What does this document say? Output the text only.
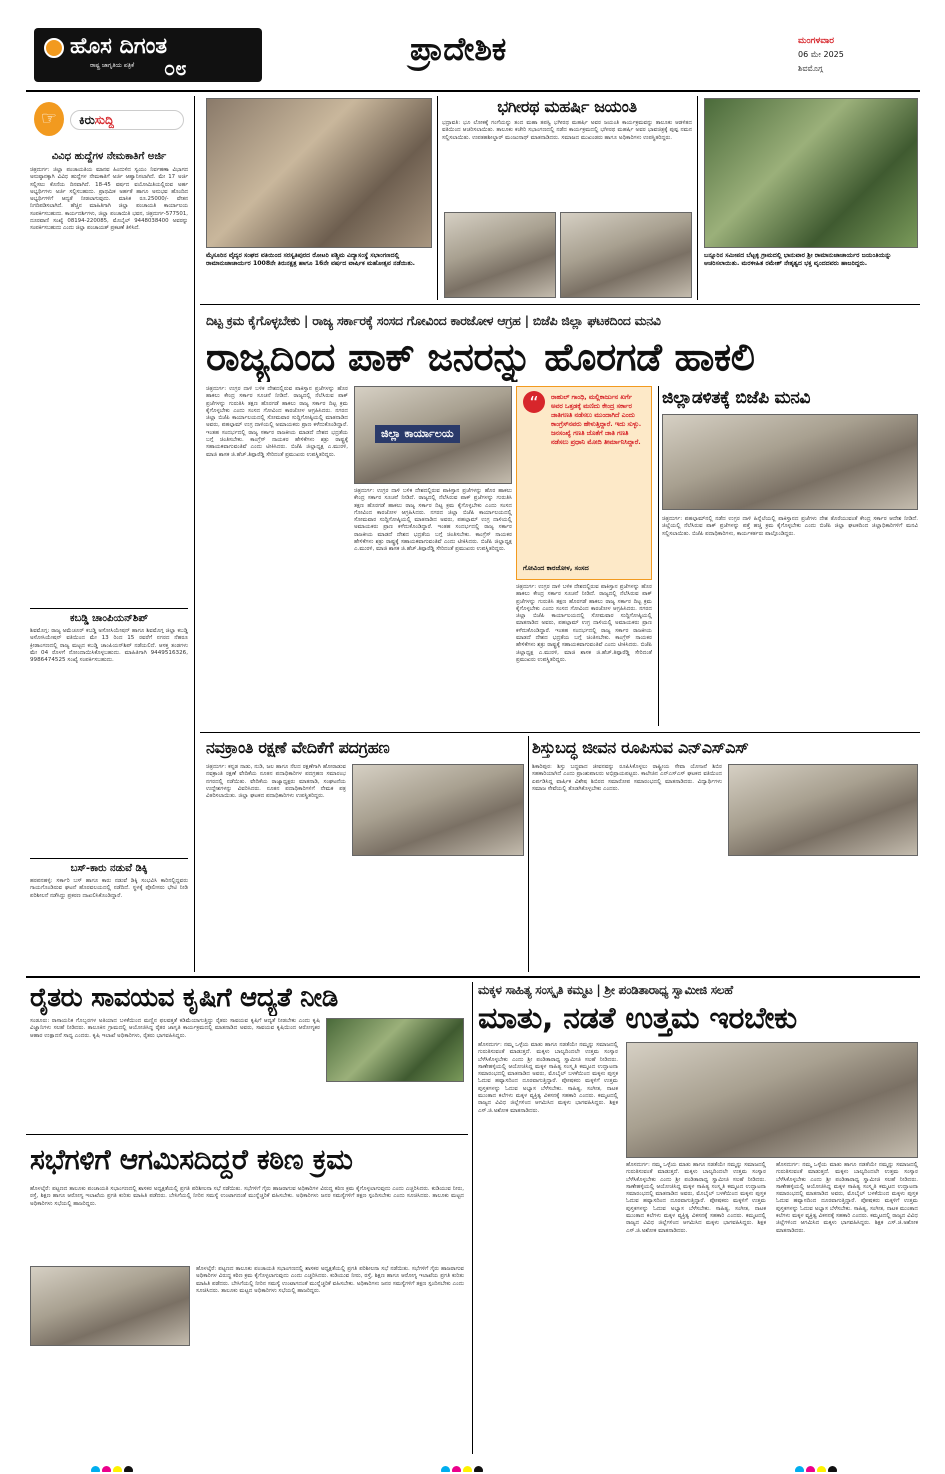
ಹೊಸ ದಿಗಂತ
ರಾಷ್ಟ್ರ ಜಾಗೃತಿಯ ಪತ್ರಿಕೆ ೦೮	ಪ್ರಾದೇಶಿಕ	ಮಂಗಳವಾರ
06 ಮೇ 2025
ಶಿವಮೊಗ್ಗ
☞	ಕಿರುಸುದ್ದಿ
ವಿವಿಧ ಹುದ್ದೆಗಳ ನೇಮಕಾತಿಗೆ ಅರ್ಜಿ
ಚಿತ್ರದುರ್ಗ: ಜಿಲ್ಲಾ ಪಂಚಾಯತಿಯ ಮಾನವ ಹಿಂದುಳಿದ ಸ್ವಯಂ ನಿರ್ವಹಣಾ ವಿಭಾಗದ ಅನುಷ್ಠಾನಕ್ಕಾಗಿ ವಿವಿಧ ಹುದ್ದೆಗಳ ನೇಮಕಾತಿಗೆ ಅರ್ಜಿ ಆಹ್ವಾನಿಸಲಾಗಿದೆ. ಮೇ 17 ಅರ್ಜಿ ಸಲ್ಲಿಸಲು ಕೊನೆಯ ದಿನವಾಗಿದೆ. 18-45 ವರ್ಷದ ವಯೋಮಿತಿಯಲ್ಲಿರುವ ಅರ್ಹ ಅಭ್ಯರ್ಥಿಗಳು ಅರ್ಜಿ ಸಲ್ಲಿಸಬಹುದು. ಪ್ರಾಥಮಿಕ ಅರ್ಹತೆ ಹಾಗೂ ಅನುಭವ ಹೊಂದಿದ ಅಭ್ಯರ್ಥಿಗಳಿಗೆ ಆದ್ಯತೆ ನೀಡಲಾಗುವುದು. ಮಾಸಿಕ ರೂ.25000/- ವೇತನ ನಿಗದಿಪಡಿಸಲಾಗಿದೆ. ಹೆಚ್ಚಿನ ಮಾಹಿತಿಗಾಗಿ ಜಿಲ್ಲಾ ಪಂಚಾಯತಿ ಕಾರ್ಯಾಲಯ ಸಂಪರ್ಕಿಸಬಹುದು. ಕಾರ್ಯದರ್ಶಿಗಳು, ಜಿಲ್ಲಾ ಪಂಚಾಯಿತಿ ಭವನ, ಚಿತ್ರದುರ್ಗ-577501, ದೂರವಾಣಿ ಸಂಖ್ಯೆ 08194-220085, ಮೊಬೈಲ್ 9448038400 ಅವರನ್ನು ಸಂಪರ್ಕಿಸಬಹುದು ಎಂದು ಜಿಲ್ಲಾ ಪಂಚಾಯತ್ ಪ್ರಕಟಣೆ ತಿಳಿಸಿದೆ.
ಕಬಡ್ಡಿ ಚಾಂಪಿಯನ್‌ಶಿಪ್
ಶಿವಮೊಗ್ಗ: ರಾಜ್ಯ ಅಮೆಚೂರ್ ಕಬಡ್ಡಿ ಅಸೋಸಿಯೇಷನ್ ಹಾಗೂ ಶಿವಮೊಗ್ಗ ಜಿಲ್ಲಾ ಕಬಡ್ಡಿ ಅಸೋಸಿಯೇಷನ್ ವತಿಯಿಂದ ಮೇ 13 ರಿಂದ 15 ರವರೆಗೆ ನಗರದ ನೆಹರೂ ಕ್ರೀಡಾಂಗಣದಲ್ಲಿ ರಾಜ್ಯ ಮಟ್ಟದ ಕಬಡ್ಡಿ ಚಾಂಪಿಯನ್‌ಶಿಪ್ ನಡೆಯಲಿದೆ. ಆಸಕ್ತ ತಂಡಗಳು ಮೇ 04 ರೊಳಗೆ ನೋಂದಾಯಿಸಿಕೊಳ್ಳಬಹುದು. ಮಾಹಿತಿಗಾಗಿ 9449516326, 9986474525 ಸಂಖ್ಯೆ ಸಂಪರ್ಕಿಸಬಹುದು.
ಬಸ್-ಕಾರು ನಡುವೆ ಡಿಕ್ಕಿ
ಹರಪನಹಳ್ಳಿ: ಸರ್ಕಾರಿ ಬಸ್ ಹಾಗೂ ಕಾರು ನಡುವೆ ಡಿಕ್ಕಿ ಸಂಭವಿಸಿ ಕಾರಿನಲ್ಲಿದ್ದವರು ಗಾಯಗೊಂಡಿರುವ ಘಟನೆ ಹೊರವಲಯದಲ್ಲಿ ನಡೆದಿದೆ. ಸ್ಥಳಕ್ಕೆ ಪೊಲೀಸರು ಭೇಟಿ ನೀಡಿ ಪರಿಶೀಲನೆ ನಡೆಸಿದ್ದು ಪ್ರಕರಣ ದಾಖಲಿಸಿಕೊಂಡಿದ್ದಾರೆ.
ಮೈಸೂರಿನ ವೈದ್ಯರ ಸಂಘದ ವತಿಯಿಂದ ಸರಸ್ವತಿಪುರದ ರೋಟರಿ ಪಶ್ಚಿಮ ವಿದ್ಯಾಸಂಸ್ಥೆ ಸಭಾಂಗಣದಲ್ಲಿ ರಾಮಾನುಜಾಚಾರ್ಯರ 1008ನೇ ತಿರುನಕ್ಷತ್ರ ಹಾಗೂ 16ನೇ ವರ್ಷದ ವಾರ್ಷಿಕ ಮಹೋತ್ಸವ ನಡೆಯಿತು.
ಭಗೀರಥ ಮಹರ್ಷಿ ಜಯಂತಿ
ಭದ್ರಾವತಿ: ಭೂ ಲೋಕಕ್ಕೆ ಗಂಗೆಯನ್ನು ತಂದ ಮಹಾ ತಪಸ್ವಿ ಭಗೀರಥ ಮಹರ್ಷಿ ಅವರ ಜಯಂತಿ ಕಾರ್ಯಕ್ರಮವನ್ನು ತಾಲೂಕು ಆಡಳಿತದ ವತಿಯಿಂದ ಆಚರಿಸಲಾಯಿತು. ತಾಲೂಕು ಕಚೇರಿ ಸಭಾಂಗಣದಲ್ಲಿ ನಡೆದ ಕಾರ್ಯಕ್ರಮದಲ್ಲಿ ಭಗೀರಥ ಮಹರ್ಷಿ ಅವರ ಭಾವಚಿತ್ರಕ್ಕೆ ಪುಷ್ಪ ನಮನ ಸಲ್ಲಿಸಲಾಯಿತು. ಉಪತಹಶೀಲ್ದಾರ್ ಮಂಜುನಾಥ್ ಮಾತನಾಡಿದರು. ಸಮಾಜದ ಮುಖಂಡರು ಹಾಗೂ ಅಧಿಕಾರಿಗಳು ಉಪಸ್ಥಿತರಿದ್ದರು.
ಬನ್ನೂರಿನ ಸಮೀಪದ ಬೆಟ್ಟಳ್ಳಿ ಗ್ರಾಮದಲ್ಲಿ ಭಾನುವಾರ ಶ್ರೀ ರಾಮಾನುಜಾಚಾರ್ಯರ ಜಯಂತಿಯನ್ನು ಆಚರಿಸಲಾಯಿತು. ಮರಳೀಹಿತ ರಮೇಶ್ ನೇತೃತ್ವದ ಭಕ್ತ ವೃಂದದವರು ಹಾಜರಿದ್ದರು.
ದಿಟ್ಟ ಕ್ರಮ ಕೈಗೊಳ್ಳಬೇಕು | ರಾಜ್ಯ ಸರ್ಕಾರಕ್ಕೆ ಸಂಸದ ಗೋವಿಂದ ಕಾರಜೋಳ ಆಗ್ರಹ | ಬಿಜೆಪಿ ಜಿಲ್ಲಾ ಘಟಕದಿಂದ ಮನವಿ
ರಾಜ್ಯದಿಂದ ಪಾಕ್ ಜನರನ್ನು ಹೊರಗಡೆ ಹಾಕಲಿ
ಚಿತ್ರದುರ್ಗ: ಉಗ್ರರ ದಾಳಿ ಬಳಿಕ ದೇಶದಲ್ಲಿರುವ ಪಾಕಿಸ್ತಾನ ಪ್ರಜೆಗಳನ್ನು ಹೊರ ಹಾಕಲು ಕೇಂದ್ರ ಸರ್ಕಾರ ಸೂಚನೆ ನೀಡಿದೆ. ರಾಜ್ಯದಲ್ಲಿ ನೆಲೆಸಿರುವ ಪಾಕ್ ಪ್ರಜೆಗಳನ್ನು ಗುರುತಿಸಿ ತಕ್ಷಣ ಹೊರಗಡೆ ಹಾಕಲು ರಾಜ್ಯ ಸರ್ಕಾರ ದಿಟ್ಟ ಕ್ರಮ ಕೈಗೊಳ್ಳಬೇಕು ಎಂದು ಸಂಸದ ಗೋವಿಂದ ಕಾರಜೋಳ ಆಗ್ರಹಿಸಿದರು. ನಗರದ ಜಿಲ್ಲಾ ಬಿಜೆಪಿ ಕಾರ್ಯಾಲಯದಲ್ಲಿ ಸೋಮವಾರ ಸುದ್ದಿಗೋಷ್ಠಿಯಲ್ಲಿ ಮಾತನಾಡಿದ ಅವರು, ಪಹಲ್ಗಾಮ್ ಉಗ್ರ ದಾಳಿಯಲ್ಲಿ ಅಮಾಯಕರು ಪ್ರಾಣ ಕಳೆದುಕೊಂಡಿದ್ದಾರೆ. ಇಂತಹ ಸಂದರ್ಭದಲ್ಲಿ ರಾಜ್ಯ ಸರ್ಕಾರ ರಾಜಕೀಯ ಮಾಡದೆ ದೇಶದ ಭದ್ರತೆಯ ಬಗ್ಗೆ ಚಿಂತಿಸಬೇಕು. ಕಾಂಗ್ರೆಸ್ ನಾಯಕರ ಹೇಳಿಕೆಗಳು ಶತ್ರು ರಾಷ್ಟ್ರಕ್ಕೆ ಸಹಾಯಕವಾಗುವಂತಿವೆ ಎಂದು ಟೀಕಿಸಿದರು. ಬಿಜೆಪಿ ಜಿಲ್ಲಾಧ್ಯಕ್ಷ ಎ.ಮುರಳಿ, ಮಾಜಿ ಶಾಸಕ ಜಿ.ಹೆಚ್.ತಿಪ್ಪಾರೆಡ್ಡಿ ಸೇರಿದಂತೆ ಪ್ರಮುಖರು ಉಪಸ್ಥಿತರಿದ್ದರು.
ಜಿಲ್ಲಾ ಕಾರ್ಯಾಲಯ
ಚಿತ್ರದುರ್ಗ: ಉಗ್ರರ ದಾಳಿ ಬಳಿಕ ದೇಶದಲ್ಲಿರುವ ಪಾಕಿಸ್ತಾನ ಪ್ರಜೆಗಳನ್ನು ಹೊರ ಹಾಕಲು ಕೇಂದ್ರ ಸರ್ಕಾರ ಸೂಚನೆ ನೀಡಿದೆ. ರಾಜ್ಯದಲ್ಲಿ ನೆಲೆಸಿರುವ ಪಾಕ್ ಪ್ರಜೆಗಳನ್ನು ಗುರುತಿಸಿ ತಕ್ಷಣ ಹೊರಗಡೆ ಹಾಕಲು ರಾಜ್ಯ ಸರ್ಕಾರ ದಿಟ್ಟ ಕ್ರಮ ಕೈಗೊಳ್ಳಬೇಕು ಎಂದು ಸಂಸದ ಗೋವಿಂದ ಕಾರಜೋಳ ಆಗ್ರಹಿಸಿದರು. ನಗರದ ಜಿಲ್ಲಾ ಬಿಜೆಪಿ ಕಾರ್ಯಾಲಯದಲ್ಲಿ ಸೋಮವಾರ ಸುದ್ದಿಗೋಷ್ಠಿಯಲ್ಲಿ ಮಾತನಾಡಿದ ಅವರು, ಪಹಲ್ಗಾಮ್ ಉಗ್ರ ದಾಳಿಯಲ್ಲಿ ಅಮಾಯಕರು ಪ್ರಾಣ ಕಳೆದುಕೊಂಡಿದ್ದಾರೆ. ಇಂತಹ ಸಂದರ್ಭದಲ್ಲಿ ರಾಜ್ಯ ಸರ್ಕಾರ ರಾಜಕೀಯ ಮಾಡದೆ ದೇಶದ ಭದ್ರತೆಯ ಬಗ್ಗೆ ಚಿಂತಿಸಬೇಕು. ಕಾಂಗ್ರೆಸ್ ನಾಯಕರ ಹೇಳಿಕೆಗಳು ಶತ್ರು ರಾಷ್ಟ್ರಕ್ಕೆ ಸಹಾಯಕವಾಗುವಂತಿವೆ ಎಂದು ಟೀಕಿಸಿದರು. ಬಿಜೆಪಿ ಜಿಲ್ಲಾಧ್ಯಕ್ಷ ಎ.ಮುರಳಿ, ಮಾಜಿ ಶಾಸಕ ಜಿ.ಹೆಚ್.ತಿಪ್ಪಾರೆಡ್ಡಿ ಸೇರಿದಂತೆ ಪ್ರಮುಖರು ಉಪಸ್ಥಿತರಿದ್ದರು.
“	ರಾಹುಲ್ ಗಾಂಧಿ, ಮಲ್ಲಿಕಾರ್ಜುನ ಖರ್ಗೆ ಅವರ ಒತ್ತಡಕ್ಕೆ ಮಣಿದು ಕೇಂದ್ರ ಸರ್ಕಾರ ಜಾತಿಗಣತಿ ನಡೆಸಲು ಮುಂದಾಗಿದೆ ಎಂದು ಕಾಂಗ್ರೆಸ್‌ನವರು ಹೇಳುತ್ತಿದ್ದಾರೆ. ಇದು ಸುಳ್ಳು. ಜನಸಂಖ್ಯೆ ಗಣತಿ ಜೊತೆಗೆ ಜಾತಿ ಗಣತಿ ನಡೆಸಲು ಪ್ರಧಾನಿ ಮೋದಿ ತೀರ್ಮಾನಿಸಿದ್ದಾರೆ.
ಗೋವಿಂದ ಕಾರಜೋಳ, ಸಂಸದ
ಚಿತ್ರದುರ್ಗ: ಉಗ್ರರ ದಾಳಿ ಬಳಿಕ ದೇಶದಲ್ಲಿರುವ ಪಾಕಿಸ್ತಾನ ಪ್ರಜೆಗಳನ್ನು ಹೊರ ಹಾಕಲು ಕೇಂದ್ರ ಸರ್ಕಾರ ಸೂಚನೆ ನೀಡಿದೆ. ರಾಜ್ಯದಲ್ಲಿ ನೆಲೆಸಿರುವ ಪಾಕ್ ಪ್ರಜೆಗಳನ್ನು ಗುರುತಿಸಿ ತಕ್ಷಣ ಹೊರಗಡೆ ಹಾಕಲು ರಾಜ್ಯ ಸರ್ಕಾರ ದಿಟ್ಟ ಕ್ರಮ ಕೈಗೊಳ್ಳಬೇಕು ಎಂದು ಸಂಸದ ಗೋವಿಂದ ಕಾರಜೋಳ ಆಗ್ರಹಿಸಿದರು. ನಗರದ ಜಿಲ್ಲಾ ಬಿಜೆಪಿ ಕಾರ್ಯಾಲಯದಲ್ಲಿ ಸೋಮವಾರ ಸುದ್ದಿಗೋಷ್ಠಿಯಲ್ಲಿ ಮಾತನಾಡಿದ ಅವರು, ಪಹಲ್ಗಾಮ್ ಉಗ್ರ ದಾಳಿಯಲ್ಲಿ ಅಮಾಯಕರು ಪ್ರಾಣ ಕಳೆದುಕೊಂಡಿದ್ದಾರೆ. ಇಂತಹ ಸಂದರ್ಭದಲ್ಲಿ ರಾಜ್ಯ ಸರ್ಕಾರ ರಾಜಕೀಯ ಮಾಡದೆ ದೇಶದ ಭದ್ರತೆಯ ಬಗ್ಗೆ ಚಿಂತಿಸಬೇಕು. ಕಾಂಗ್ರೆಸ್ ನಾಯಕರ ಹೇಳಿಕೆಗಳು ಶತ್ರು ರಾಷ್ಟ್ರಕ್ಕೆ ಸಹಾಯಕವಾಗುವಂತಿವೆ ಎಂದು ಟೀಕಿಸಿದರು. ಬಿಜೆಪಿ ಜಿಲ್ಲಾಧ್ಯಕ್ಷ ಎ.ಮುರಳಿ, ಮಾಜಿ ಶಾಸಕ ಜಿ.ಹೆಚ್.ತಿಪ್ಪಾರೆಡ್ಡಿ ಸೇರಿದಂತೆ ಪ್ರಮುಖರು ಉಪಸ್ಥಿತರಿದ್ದರು.
ಜಿಲ್ಲಾಡಳಿತಕ್ಕೆ ಬಿಜೆಪಿ ಮನವಿ
ಚಿತ್ರದುರ್ಗ: ಪಹಲ್ಗಾಮ್‌ನಲ್ಲಿ ನಡೆದ ಉಗ್ರರ ದಾಳಿ ಹಿನ್ನೆಲೆಯಲ್ಲಿ ಪಾಕಿಸ್ತಾನದ ಪ್ರಜೆಗಳು ದೇಶ ತೊರೆಯುವಂತೆ ಕೇಂದ್ರ ಸರ್ಕಾರ ಆದೇಶ ನೀಡಿದೆ. ಜಿಲ್ಲೆಯಲ್ಲಿ ನೆಲೆಸಿರುವ ಪಾಕ್ ಪ್ರಜೆಗಳನ್ನು ಪತ್ತೆ ಹಚ್ಚಿ ಕ್ರಮ ಕೈಗೊಳ್ಳಬೇಕು ಎಂದು ಬಿಜೆಪಿ ಜಿಲ್ಲಾ ಘಟಕದಿಂದ ಜಿಲ್ಲಾಧಿಕಾರಿಗಳಿಗೆ ಮನವಿ ಸಲ್ಲಿಸಲಾಯಿತು. ಬಿಜೆಪಿ ಪದಾಧಿಕಾರಿಗಳು, ಕಾರ್ಯಕರ್ತರು ಪಾಲ್ಗೊಂಡಿದ್ದರು.
ನವಕ್ರಾಂತಿ ರಕ್ಷಣೆ ವೇದಿಕೆಗೆ ಪದಗ್ರಹಣ
ಚಿತ್ರದುರ್ಗ: ಕನ್ನಡ ನಾಡು, ನುಡಿ, ಜಲ ಹಾಗೂ ನೆಲದ ರಕ್ಷಣೆಗಾಗಿ ಹೋರಾಡುವ ನವಕ್ರಾಂತಿ ರಕ್ಷಣೆ ವೇದಿಕೆಯ ನೂತನ ಪದಾಧಿಕಾರಿಗಳ ಪದಗ್ರಹಣ ಸಮಾರಂಭ ನಗರದಲ್ಲಿ ನಡೆಯಿತು. ವೇದಿಕೆಯ ರಾಜ್ಯಾಧ್ಯಕ್ಷರು ಮಾತನಾಡಿ, ಸಂಘಟನೆಯ ಉದ್ದೇಶಗಳನ್ನು ವಿವರಿಸಿದರು. ನೂತನ ಪದಾಧಿಕಾರಿಗಳಿಗೆ ನೇಮಕ ಪತ್ರ ವಿತರಿಸಲಾಯಿತು. ಜಿಲ್ಲಾ ಘಟಕದ ಪದಾಧಿಕಾರಿಗಳು ಉಪಸ್ಥಿತರಿದ್ದರು.
ಶಿಸ್ತುಬದ್ಧ ಜೀವನ ರೂಪಿಸುವ ಎನ್‌ಎಸ್‌ಎಸ್
ಶಿಕಾರಿಪುರ: ಶಿಸ್ತು ಬದ್ಧವಾದ ಜೀವನವನ್ನು ರೂಪಿಸಿಕೊಳ್ಳಲು ರಾಷ್ಟ್ರೀಯ ಸೇವಾ ಯೋಜನೆ ಶಿಬಿರ ಸಹಕಾರಿಯಾಗಿದೆ ಎಂದು ಪ್ರಾಂಶುಪಾಲರು ಅಭಿಪ್ರಾಯಪಟ್ಟರು. ಕಾಲೇಜಿನ ಎನ್‌ಎಸ್‌ಎಸ್ ಘಟಕದ ವತಿಯಿಂದ ಏರ್ಪಡಿಸಿದ್ದ ವಾರ್ಷಿಕ ವಿಶೇಷ ಶಿಬಿರದ ಸಮಾರೋಪ ಸಮಾರಂಭದಲ್ಲಿ ಮಾತನಾಡಿದರು. ವಿದ್ಯಾರ್ಥಿಗಳು ಸಮಾಜ ಸೇವೆಯಲ್ಲಿ ತೊಡಗಿಕೊಳ್ಳಬೇಕು ಎಂದರು.
ರೈತರು ಸಾವಯವ ಕೃಷಿಗೆ ಆದ್ಯತೆ ನೀಡಿ
ಸಂಡೂರು: ರಾಸಾಯನಿಕ ಗೊಬ್ಬರಗಳ ಅತಿಯಾದ ಬಳಕೆಯಿಂದ ಮಣ್ಣಿನ ಫಲವತ್ತತೆ ಕಡಿಮೆಯಾಗುತ್ತಿದ್ದು ರೈತರು ಸಾವಯವ ಕೃಷಿಗೆ ಆದ್ಯತೆ ನೀಡಬೇಕು ಎಂದು ಕೃಷಿ ವಿಜ್ಞಾನಿಗಳು ಸಲಹೆ ನೀಡಿದರು. ತಾಲೂಕಿನ ಗ್ರಾಮದಲ್ಲಿ ಆಯೋಜಿಸಿದ್ದ ರೈತರ ಜಾಗೃತಿ ಕಾರ್ಯಕ್ರಮದಲ್ಲಿ ಮಾತನಾಡಿದ ಅವರು, ಸಾವಯವ ಕೃಷಿಯಿಂದ ಆರೋಗ್ಯಕರ ಆಹಾರ ಉತ್ಪಾದನೆ ಸಾಧ್ಯ ಎಂದರು. ಕೃಷಿ ಇಲಾಖೆ ಅಧಿಕಾರಿಗಳು, ರೈತರು ಭಾಗವಹಿಸಿದ್ದರು.
ಸಭೆಗಳಿಗೆ ಆಗಮಿಸದಿದ್ದರೆ ಕಠಿಣ ಕ್ರಮ
ಹೊಳಲ್ಕೆರೆ: ಪಟ್ಟಣದ ತಾಲೂಕು ಪಂಚಾಯತಿ ಸಭಾಂಗಣದಲ್ಲಿ ಶಾಸಕರ ಅಧ್ಯಕ್ಷತೆಯಲ್ಲಿ ಪ್ರಗತಿ ಪರಿಶೀಲನಾ ಸಭೆ ನಡೆಯಿತು. ಸಭೆಗಳಿಗೆ ಗೈರು ಹಾಜರಾಗುವ ಅಧಿಕಾರಿಗಳ ವಿರುದ್ಧ ಕಠಿಣ ಕ್ರಮ ಕೈಗೊಳ್ಳಲಾಗುವುದು ಎಂದು ಎಚ್ಚರಿಸಿದರು. ಕುಡಿಯುವ ನೀರು, ರಸ್ತೆ, ಶಿಕ್ಷಣ ಹಾಗೂ ಆರೋಗ್ಯ ಇಲಾಖೆಯ ಪ್ರಗತಿ ಕುರಿತು ಮಾಹಿತಿ ಪಡೆದರು. ಬೇಸಿಗೆಯಲ್ಲಿ ನೀರಿನ ಸಮಸ್ಯೆ ಉಂಟಾಗದಂತೆ ಮುನ್ನೆಚ್ಚರಿಕೆ ವಹಿಸಬೇಕು. ಅಧಿಕಾರಿಗಳು ಜನರ ಸಮಸ್ಯೆಗಳಿಗೆ ತಕ್ಷಣ ಸ್ಪಂದಿಸಬೇಕು ಎಂದು ಸೂಚಿಸಿದರು. ತಾಲೂಕು ಮಟ್ಟದ ಅಧಿಕಾರಿಗಳು ಸಭೆಯಲ್ಲಿ ಹಾಜರಿದ್ದರು.
ಹೊಳಲ್ಕೆರೆ: ಪಟ್ಟಣದ ತಾಲೂಕು ಪಂಚಾಯತಿ ಸಭಾಂಗಣದಲ್ಲಿ ಶಾಸಕರ ಅಧ್ಯಕ್ಷತೆಯಲ್ಲಿ ಪ್ರಗತಿ ಪರಿಶೀಲನಾ ಸಭೆ ನಡೆಯಿತು. ಸಭೆಗಳಿಗೆ ಗೈರು ಹಾಜರಾಗುವ ಅಧಿಕಾರಿಗಳ ವಿರುದ್ಧ ಕಠಿಣ ಕ್ರಮ ಕೈಗೊಳ್ಳಲಾಗುವುದು ಎಂದು ಎಚ್ಚರಿಸಿದರು. ಕುಡಿಯುವ ನೀರು, ರಸ್ತೆ, ಶಿಕ್ಷಣ ಹಾಗೂ ಆರೋಗ್ಯ ಇಲಾಖೆಯ ಪ್ರಗತಿ ಕುರಿತು ಮಾಹಿತಿ ಪಡೆದರು. ಬೇಸಿಗೆಯಲ್ಲಿ ನೀರಿನ ಸಮಸ್ಯೆ ಉಂಟಾಗದಂತೆ ಮುನ್ನೆಚ್ಚರಿಕೆ ವಹಿಸಬೇಕು. ಅಧಿಕಾರಿಗಳು ಜನರ ಸಮಸ್ಯೆಗಳಿಗೆ ತಕ್ಷಣ ಸ್ಪಂದಿಸಬೇಕು ಎಂದು ಸೂಚಿಸಿದರು. ತಾಲೂಕು ಮಟ್ಟದ ಅಧಿಕಾರಿಗಳು ಸಭೆಯಲ್ಲಿ ಹಾಜರಿದ್ದರು.
ಮಕ್ಕಳ ಸಾಹಿತ್ಯ ಸಂಸ್ಕೃತಿ ಕಮ್ಮಟ | ಶ್ರೀ ಪಂಡಿತಾರಾಧ್ಯ ಸ್ವಾಮೀಜಿ ಸಲಹೆ
ಮಾತು, ನಡತೆ ಉತ್ತಮ ಇರಬೇಕು
ಹೊಸದುರ್ಗ: ನಮ್ಮ ಒಳ್ಳೆಯ ಮಾತು ಹಾಗೂ ನಡತೆಯೇ ನಮ್ಮನ್ನು ಸಮಾಜದಲ್ಲಿ ಗುರುತಿಸುವಂತೆ ಮಾಡುತ್ತದೆ. ಮಕ್ಕಳು ಬಾಲ್ಯದಿಂದಲೇ ಉತ್ತಮ ಸಂಸ್ಕಾರ ಬೆಳೆಸಿಕೊಳ್ಳಬೇಕು ಎಂದು ಶ್ರೀ ಪಂಡಿತಾರಾಧ್ಯ ಸ್ವಾಮೀಜಿ ಸಲಹೆ ನೀಡಿದರು. ಸಾಣೇಹಳ್ಳಿಯಲ್ಲಿ ಆಯೋಜಿಸಿದ್ದ ಮಕ್ಕಳ ಸಾಹಿತ್ಯ ಸಂಸ್ಕೃತಿ ಕಮ್ಮಟದ ಉದ್ಘಾಟನಾ ಸಮಾರಂಭದಲ್ಲಿ ಮಾತನಾಡಿದ ಅವರು, ಮೊಬೈಲ್ ಬಳಕೆಯಿಂದ ಮಕ್ಕಳು ಪುಸ್ತಕ ಓದುವ ಹವ್ಯಾಸದಿಂದ ದೂರವಾಗುತ್ತಿದ್ದಾರೆ. ಪೋಷಕರು ಮಕ್ಕಳಿಗೆ ಉತ್ತಮ ಪುಸ್ತಕಗಳನ್ನು ಓದುವ ಅಭ್ಯಾಸ ಬೆಳೆಸಬೇಕು. ಸಾಹಿತ್ಯ, ಸಂಗೀತ, ನಾಟಕ ಮುಂತಾದ ಕಲೆಗಳು ಮಕ್ಕಳ ವ್ಯಕ್ತಿತ್ವ ವಿಕಸನಕ್ಕೆ ಸಹಕಾರಿ ಎಂದರು. ಕಮ್ಮಟದಲ್ಲಿ ರಾಜ್ಯದ ವಿವಿಧ ಜಿಲ್ಲೆಗಳಿಂದ ಆಗಮಿಸಿದ ಮಕ್ಕಳು ಭಾಗವಹಿಸಿದ್ದರು. ಶಿಕ್ಷಕ ಎಸ್.ಜಿ.ಅಶೋಕ ಮಾತನಾಡಿದರು.
ಹೊಸದುರ್ಗ: ನಮ್ಮ ಒಳ್ಳೆಯ ಮಾತು ಹಾಗೂ ನಡತೆಯೇ ನಮ್ಮನ್ನು ಸಮಾಜದಲ್ಲಿ ಗುರುತಿಸುವಂತೆ ಮಾಡುತ್ತದೆ. ಮಕ್ಕಳು ಬಾಲ್ಯದಿಂದಲೇ ಉತ್ತಮ ಸಂಸ್ಕಾರ ಬೆಳೆಸಿಕೊಳ್ಳಬೇಕು ಎಂದು ಶ್ರೀ ಪಂಡಿತಾರಾಧ್ಯ ಸ್ವಾಮೀಜಿ ಸಲಹೆ ನೀಡಿದರು. ಸಾಣೇಹಳ್ಳಿಯಲ್ಲಿ ಆಯೋಜಿಸಿದ್ದ ಮಕ್ಕಳ ಸಾಹಿತ್ಯ ಸಂಸ್ಕೃತಿ ಕಮ್ಮಟದ ಉದ್ಘಾಟನಾ ಸಮಾರಂಭದಲ್ಲಿ ಮಾತನಾಡಿದ ಅವರು, ಮೊಬೈಲ್ ಬಳಕೆಯಿಂದ ಮಕ್ಕಳು ಪುಸ್ತಕ ಓದುವ ಹವ್ಯಾಸದಿಂದ ದೂರವಾಗುತ್ತಿದ್ದಾರೆ. ಪೋಷಕರು ಮಕ್ಕಳಿಗೆ ಉತ್ತಮ ಪುಸ್ತಕಗಳನ್ನು ಓದುವ ಅಭ್ಯಾಸ ಬೆಳೆಸಬೇಕು. ಸಾಹಿತ್ಯ, ಸಂಗೀತ, ನಾಟಕ ಮುಂತಾದ ಕಲೆಗಳು ಮಕ್ಕಳ ವ್ಯಕ್ತಿತ್ವ ವಿಕಸನಕ್ಕೆ ಸಹಕಾರಿ ಎಂದರು. ಕಮ್ಮಟದಲ್ಲಿ ರಾಜ್ಯದ ವಿವಿಧ ಜಿಲ್ಲೆಗಳಿಂದ ಆಗಮಿಸಿದ ಮಕ್ಕಳು ಭಾಗವಹಿಸಿದ್ದರು. ಶಿಕ್ಷಕ ಎಸ್.ಜಿ.ಅಶೋಕ ಮಾತನಾಡಿದರು.
ಹೊಸದುರ್ಗ: ನಮ್ಮ ಒಳ್ಳೆಯ ಮಾತು ಹಾಗೂ ನಡತೆಯೇ ನಮ್ಮನ್ನು ಸಮಾಜದಲ್ಲಿ ಗುರುತಿಸುವಂತೆ ಮಾಡುತ್ತದೆ. ಮಕ್ಕಳು ಬಾಲ್ಯದಿಂದಲೇ ಉತ್ತಮ ಸಂಸ್ಕಾರ ಬೆಳೆಸಿಕೊಳ್ಳಬೇಕು ಎಂದು ಶ್ರೀ ಪಂಡಿತಾರಾಧ್ಯ ಸ್ವಾಮೀಜಿ ಸಲಹೆ ನೀಡಿದರು. ಸಾಣೇಹಳ್ಳಿಯಲ್ಲಿ ಆಯೋಜಿಸಿದ್ದ ಮಕ್ಕಳ ಸಾಹಿತ್ಯ ಸಂಸ್ಕೃತಿ ಕಮ್ಮಟದ ಉದ್ಘಾಟನಾ ಸಮಾರಂಭದಲ್ಲಿ ಮಾತನಾಡಿದ ಅವರು, ಮೊಬೈಲ್ ಬಳಕೆಯಿಂದ ಮಕ್ಕಳು ಪುಸ್ತಕ ಓದುವ ಹವ್ಯಾಸದಿಂದ ದೂರವಾಗುತ್ತಿದ್ದಾರೆ. ಪೋಷಕರು ಮಕ್ಕಳಿಗೆ ಉತ್ತಮ ಪುಸ್ತಕಗಳನ್ನು ಓದುವ ಅಭ್ಯಾಸ ಬೆಳೆಸಬೇಕು. ಸಾಹಿತ್ಯ, ಸಂಗೀತ, ನಾಟಕ ಮುಂತಾದ ಕಲೆಗಳು ಮಕ್ಕಳ ವ್ಯಕ್ತಿತ್ವ ವಿಕಸನಕ್ಕೆ ಸಹಕಾರಿ ಎಂದರು. ಕಮ್ಮಟದಲ್ಲಿ ರಾಜ್ಯದ ವಿವಿಧ ಜಿಲ್ಲೆಗಳಿಂದ ಆಗಮಿಸಿದ ಮಕ್ಕಳು ಭಾಗವಹಿಸಿದ್ದರು. ಶಿಕ್ಷಕ ಎಸ್.ಜಿ.ಅಶೋಕ ಮಾತನಾಡಿದರು.
